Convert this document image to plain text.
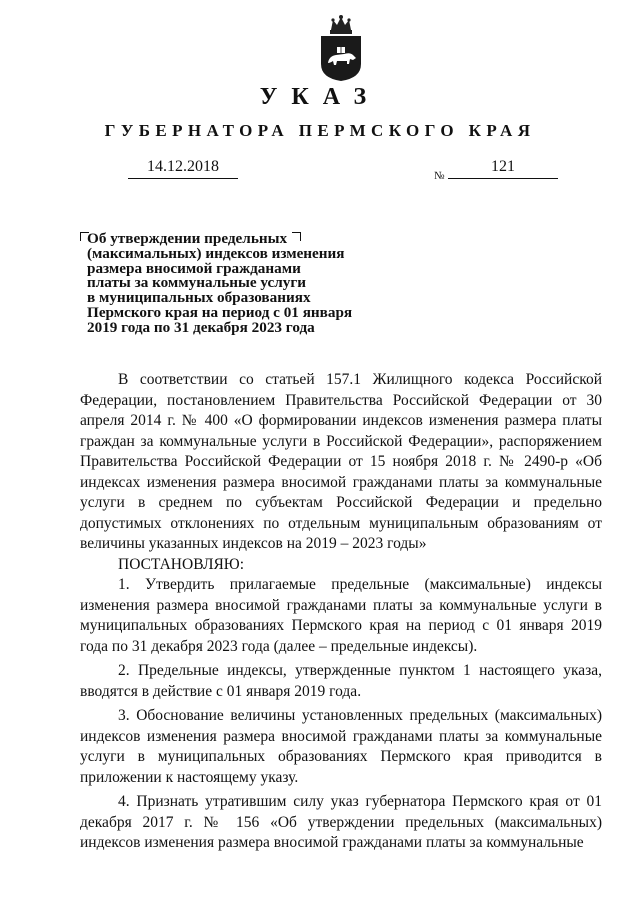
УКАЗ
ГУБЕРНАТОРА ПЕРМСКОГО КРАЯ
14.12.2018
№
121
Об утверждении предельных
(максимальных) индексов изменения
размера вносимой гражданами
платы за коммунальные услуги
в муниципальных образованиях
Пермского края на период с 01 января
2019 года по 31 декабря 2023 года

В соответствии со статьей 157.1 Жилищного кодекса Российской Федерации, постановлением Правительства Российской Федерации от 30 апреля 2014 г. № 400 «О формировании индексов изменения размера платы граждан за коммунальные услуги в Российской Федерации», распоряжением Правительства Российской Федерации от 15 ноября 2018 г. № 2490-р «Об индексах изменения размера вносимой гражданами платы за коммунальные услуги в среднем по субъектам Российской Федерации и предельно допустимых отклонениях по отдельным муниципальным образованиям от величины указанных индексов на 2019 – 2023 годы»

ПОСТАНОВЛЯЮ:

1. Утвердить прилагаемые предельные (максимальные) индексы изменения размера вносимой гражданами платы за коммунальные услуги в муниципальных образованиях Пермского края на период с 01 января 2019 года по 31 декабря 2023 года (далее – предельные индексы).

2. Предельные индексы, утвержденные пунктом 1 настоящего указа, вводятся в действие с 01 января 2019 года.

3. Обоснование величины установленных предельных (максимальных) индексов изменения размера вносимой гражданами платы за коммунальные услуги в муниципальных образованиях Пермского края приводится в приложении к настоящему указу.

4. Признать утратившим силу указ губернатора Пермского края от 01 декабря 2017 г. № 156 «Об утверждении предельных (максимальных) индексов изменения размера вносимой гражданами платы за коммунальные
